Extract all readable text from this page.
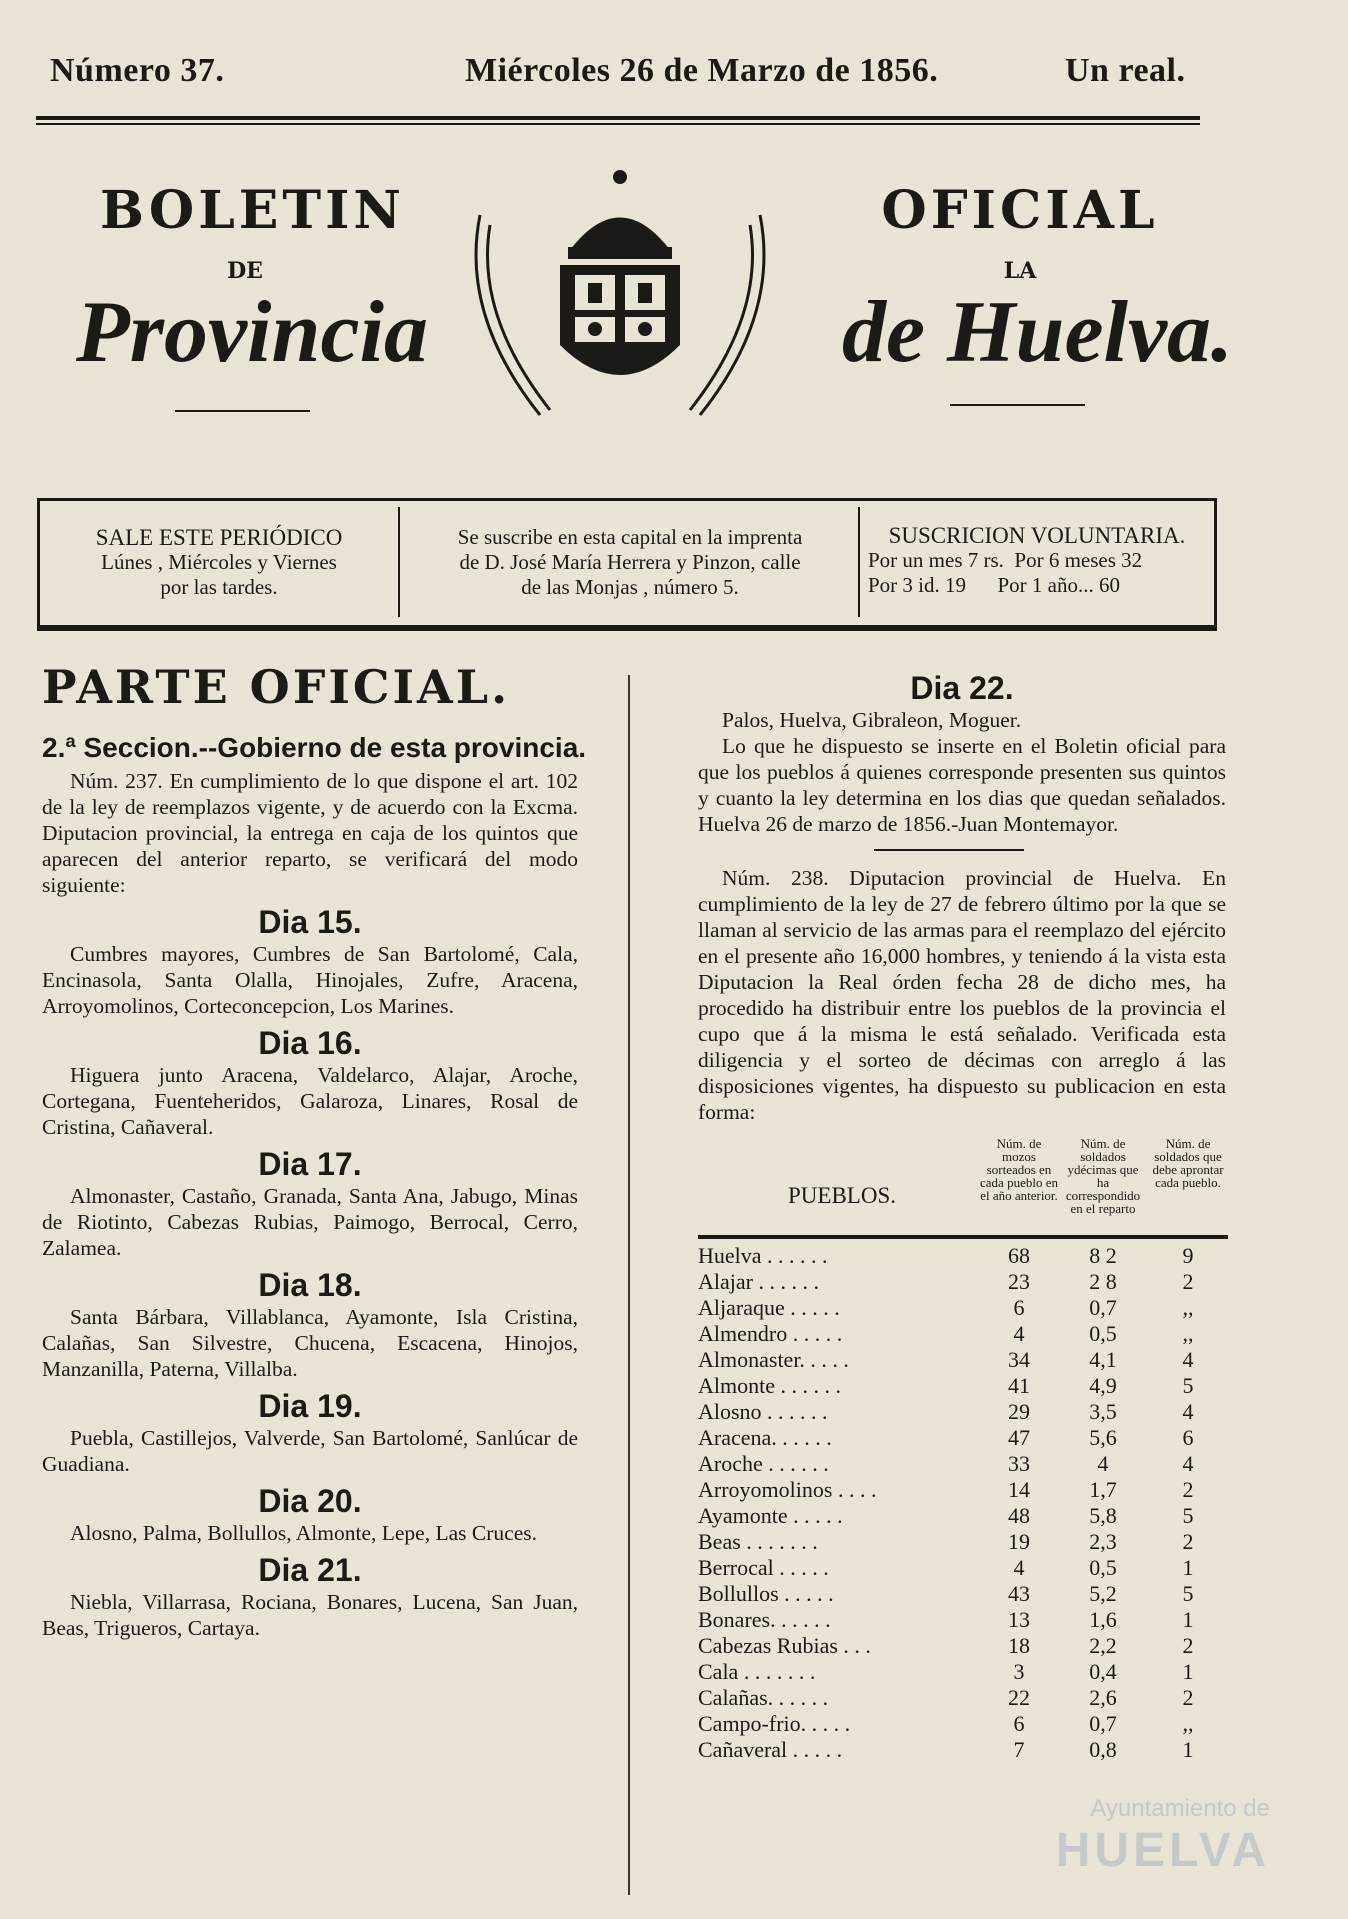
Número 37.	Miércoles 26 de Marzo de 1856.	Un real.
BOLETIN	OFICIAL
DE	LA
Provincia	de Huelva.
SALE ESTE PERIÓDICO
Lúnes , Miércoles y Viernes
por las tardes.
Se suscribe en esta capital en la imprenta
de D. José María Herrera y Pinzon, calle
de las Monjas , número 5.
SUSCRICION VOLUNTARIA.
Por un mes 7 rs.  Por 6 meses 32
Por 3 id. 19      Por 1 año... 60
PARTE OFICIAL.
2.ª Seccion.--Gobierno de esta provincia.
Núm. 237. En cumplimiento de lo que dispone el art. 102 de la ley de reemplazos vigente, y de acuerdo con la Excma. Diputacion provincial, la entrega en caja de los quintos que aparecen del anterior reparto, se verificará del modo siguiente:
Dia 15.
Cumbres mayores, Cumbres de San Bartolomé, Cala, Encinasola, Santa Olalla, Hinojales, Zufre, Aracena, Arroyomolinos, Corteconcepcion, Los Marines.
Dia 16.
Higuera junto Aracena, Valdelarco, Alajar, Aroche, Cortegana, Fuenteheridos, Galaroza, Linares, Rosal de Cristina, Cañaveral.
Dia 17.
Almonaster, Castaño, Granada, Santa Ana, Jabugo, Minas de Riotinto, Cabezas Rubias, Paimogo, Berrocal, Cerro, Zalamea.
Dia 18.
Santa Bárbara, Villablanca, Ayamonte, Isla Cristina, Calañas, San Silvestre, Chucena, Escacena, Hinojos, Manzanilla, Paterna, Villalba.
Dia 19.
Puebla, Castillejos, Valverde, San Bartolomé, Sanlúcar de Guadiana.
Dia 20.
Alosno, Palma, Bollullos, Almonte, Lepe, Las Cruces.
Dia 21.
Niebla, Villarrasa, Rociana, Bonares, Lucena, San Juan, Beas, Trigueros, Cartaya.
Dia 22.
Palos, Huelva, Gibraleon, Moguer.
Lo que he dispuesto se inserte en el Boletin oficial para que los pueblos á quienes corresponde presenten sus quintos y cuanto la ley determina en los dias que quedan señalados. Huelva 26 de marzo de 1856.-Juan Montemayor.
Núm. 238. Diputacion provincial de Huelva. En cumplimiento de la ley de 27 de febrero último por la que se llaman al servicio de las armas para el reemplazo del ejército en el presente año 16,000 hombres, y teniendo á la vista esta Diputacion la Real órden fecha 28 de dicho mes, ha procedido ha distribuir entre los pueblos de la provincia el cupo que á la misma le está señalado. Verificada esta diligencia y el sorteo de décimas con arreglo á las disposiciones vigentes, ha dispuesto su publicacion en esta forma:
PUEBLOS.
Núm. de mozos sorteados en cada pueblo en el año anterior.
Núm. de soldados ydécimas que ha correspondido en el reparto
Núm. de soldados que debe aprontar cada pueblo.
Huelva . . . . . .	68	8 2	9
Alajar . . . . . .	23	2 8	2
Aljaraque . . . . .	6	0,7	,,
Almendro . . . . .	4	0,5	,,
Almonaster. . . . .	34	4,1	4
Almonte . . . . . .	41	4,9	5
Alosno . . . . . .	29	3,5	4
Aracena. . . . . .	47	5,6	6
Aroche . . . . . .	33	4	4
Arroyomolinos . . . .	14	1,7	2
Ayamonte . . . . .	48	5,8	5
Beas . . . . . . .	19	2,3	2
Berrocal . . . . .	4	0,5	1
Bollullos . . . . .	43	5,2	5
Bonares. . . . . .	13	1,6	1
Cabezas Rubias . . .	18	2,2	2
Cala . . . . . . .	3	0,4	1
Calañas. . . . . .	22	2,6	2
Campo-frio. . . . .	6	0,7	,,
Cañaveral . . . . .	7	0,8	1
Ayuntamiento de
HUELVA
